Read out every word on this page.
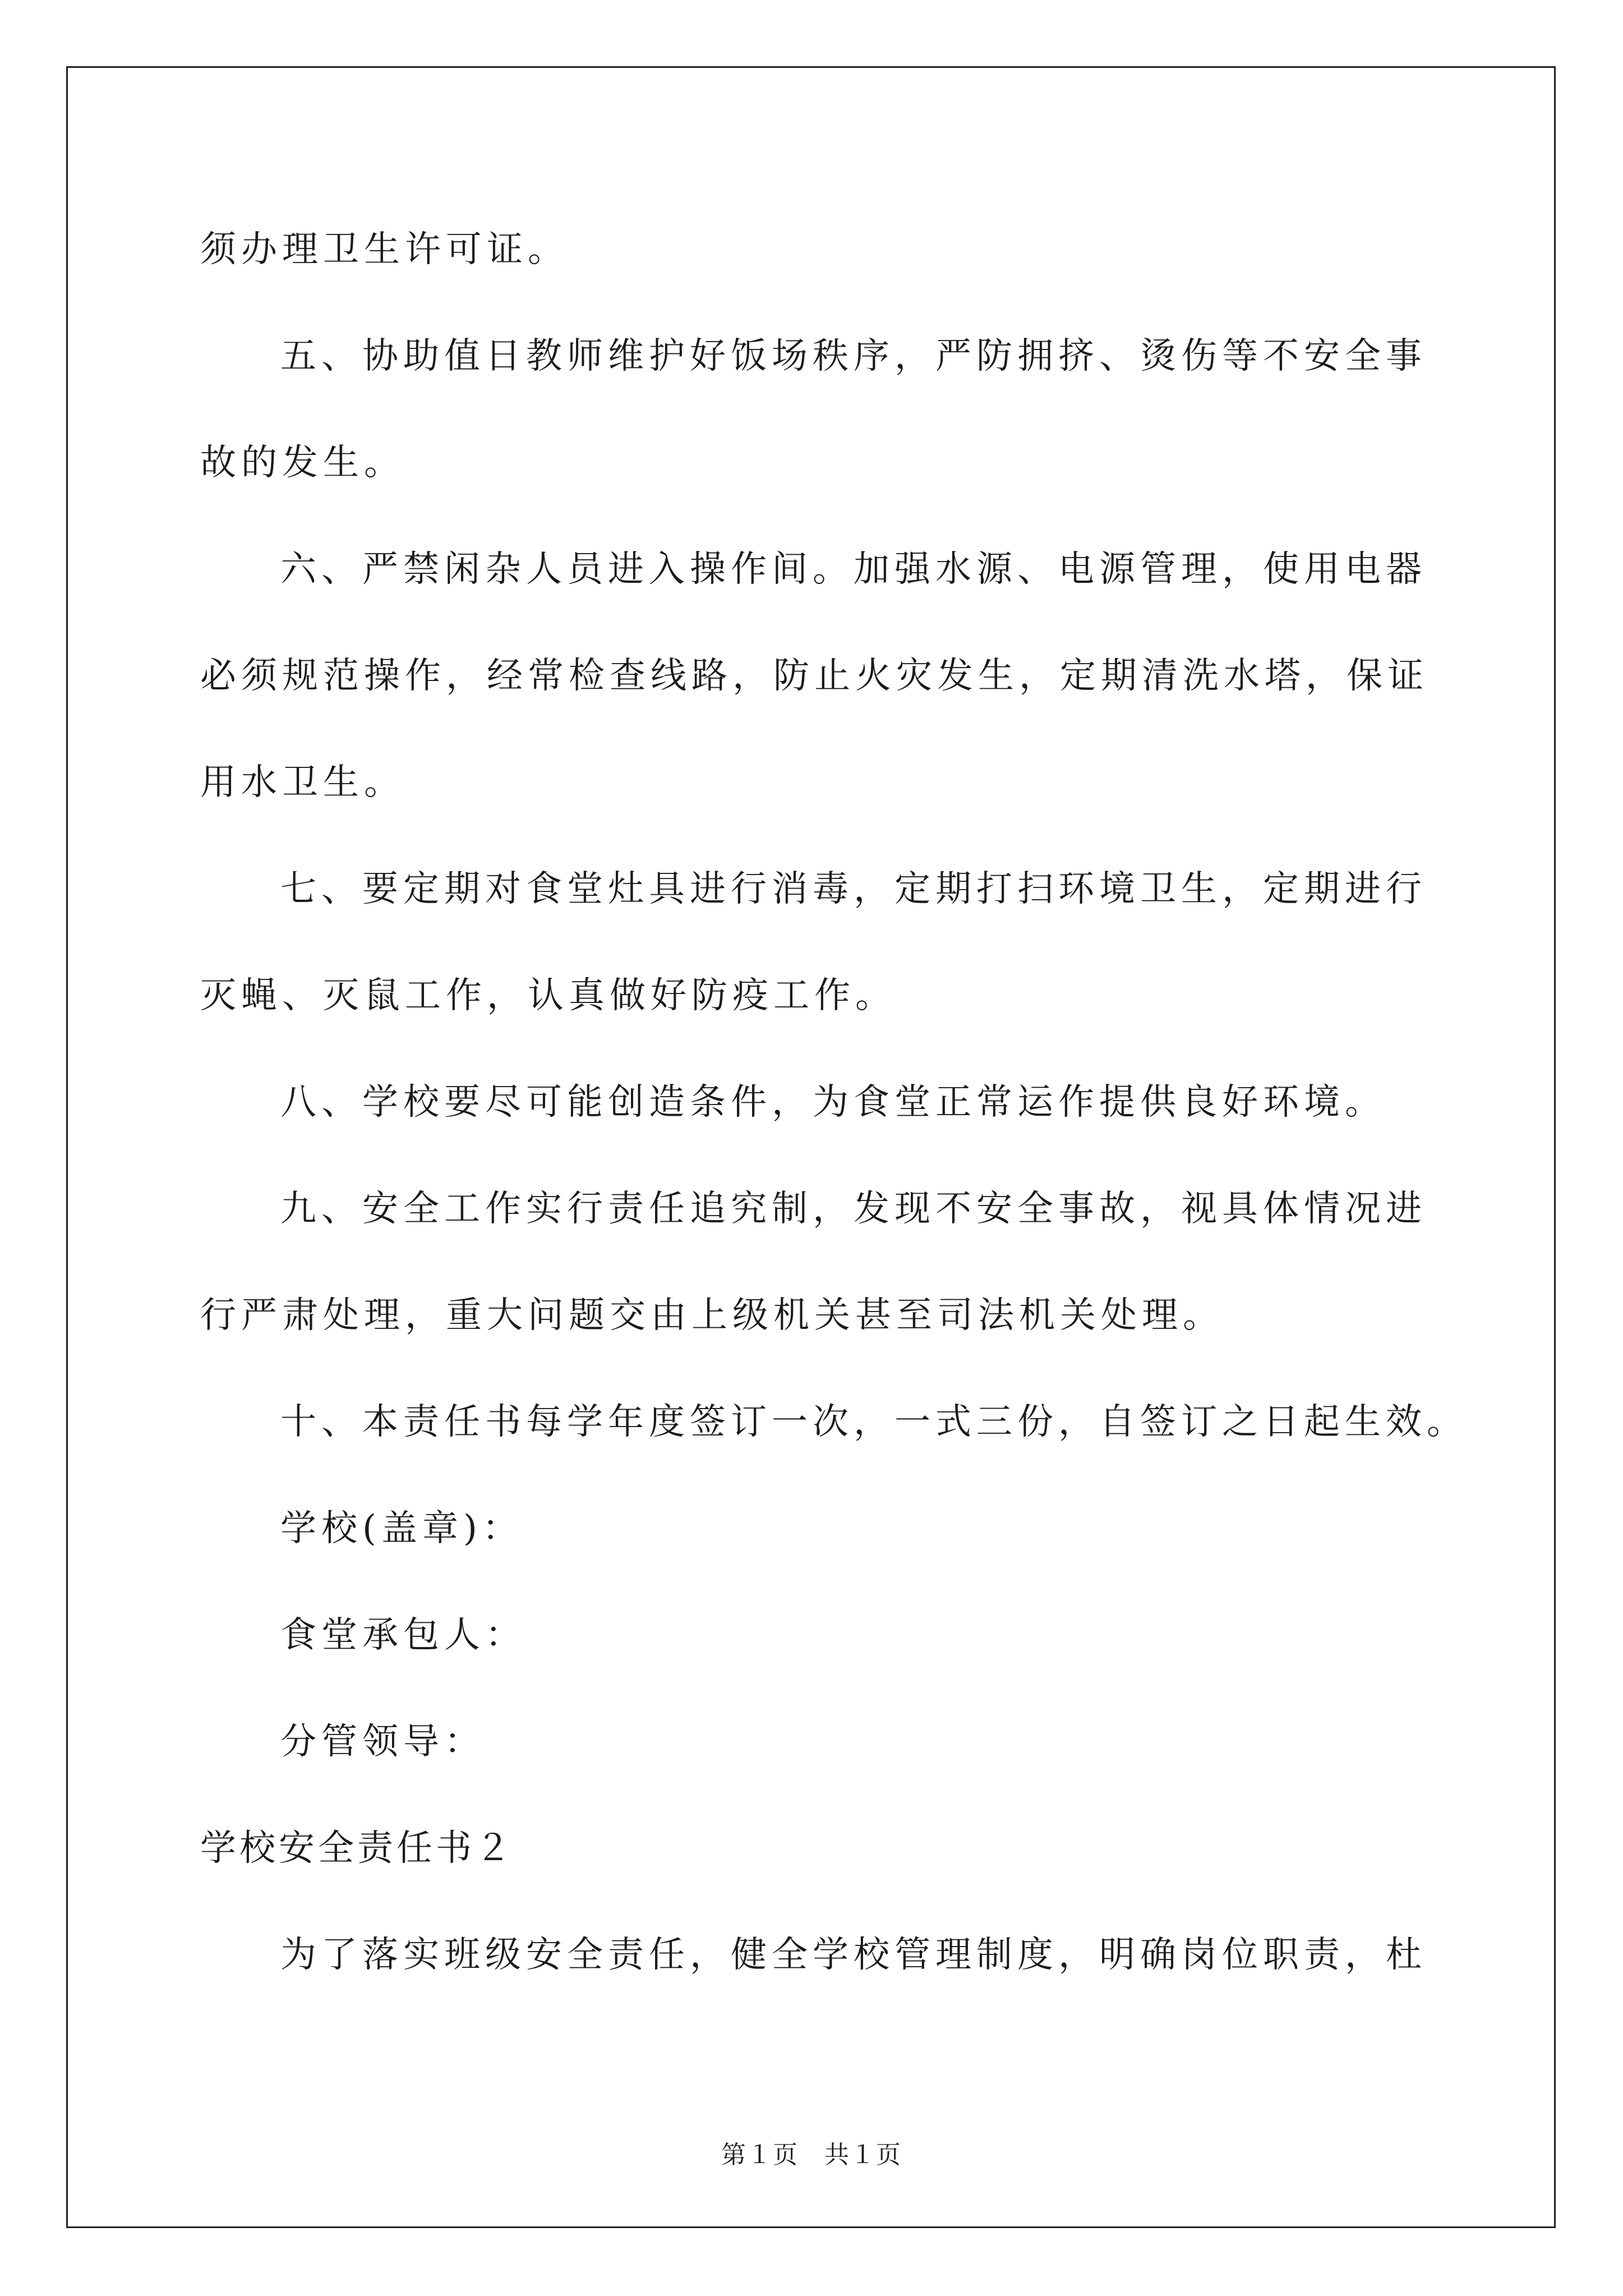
须办理卫生许可证。
五、协助值日教师维护好饭场秩序，严防拥挤、烫伤等不安全事
故的发生。
六、严禁闲杂人员进入操作间。加强水源、电源管理，使用电器
必须规范操作，经常检查线路，防止火灾发生，定期清洗水塔，保证
用水卫生。
七、要定期对食堂灶具进行消毒，定期打扫环境卫生，定期进行
灭蝇、灭鼠工作，认真做好防疫工作。
八、学校要尽可能创造条件，为食堂正常运作提供良好环境。
九、安全工作实行责任追究制，发现不安全事故，视具体情况进
行严肃处理，重大问题交由上级机关甚至司法机关处理。
十、本责任书每学年度签订一次，一式三份，自签订之日起生效。
学校(盖章)：
食堂承包人：
分管领导：
学校安全责任书２
为了落实班级安全责任，健全学校管理制度，明确岗位职责，杜
第１页　共１页
